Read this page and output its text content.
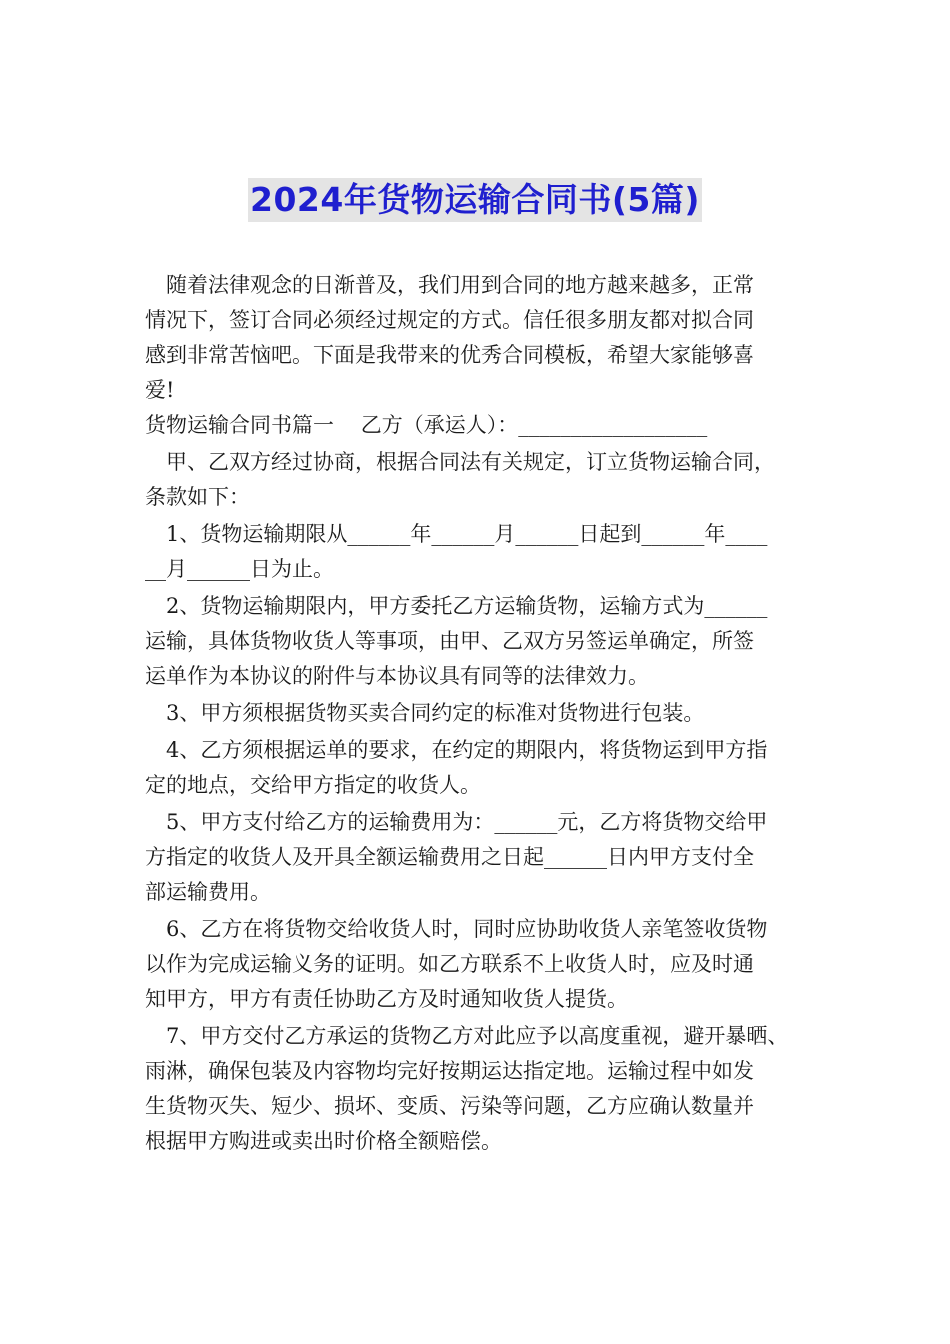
2024年货物运输合同书(5篇)

随着法律观念的日渐普及，我们用到合同的地方越来越多，正常
情况下，签订合同必须经过规定的方式。信任很多朋友都对拟合同
感到非常苦恼吧。下面是我带来的优秀合同模板，希望大家能够喜
爱!

货物运输合同书篇一    乙方（承运人）：__________________

甲、乙双方经过协商，根据合同法有关规定，订立货物运输合同，
条款如下：

1、货物运输期限从______年______月______日起到______年____
__月______日为止。

2、货物运输期限内，甲方委托乙方运输货物，运输方式为______
运输，具体货物收货人等事项，由甲、乙双方另签运单确定，所签
运单作为本协议的附件与本协议具有同等的法律效力。

3、甲方须根据货物买卖合同约定的标准对货物进行包装。

4、乙方须根据运单的要求，在约定的期限内，将货物运到甲方指
定的地点，交给甲方指定的收货人。

5、甲方支付给乙方的运输费用为：______元，乙方将货物交给甲
方指定的收货人及开具全额运输费用之日起______日内甲方支付全
部运输费用。

6、乙方在将货物交给收货人时，同时应协助收货人亲笔签收货物
以作为完成运输义务的证明。如乙方联系不上收货人时，应及时通
知甲方，甲方有责任协助乙方及时通知收货人提货。

7、甲方交付乙方承运的货物乙方对此应予以高度重视，避开暴晒、
雨淋，确保包装及内容物均完好按期运达指定地。运输过程中如发
生货物灭失、短少、损坏、变质、污染等问题，乙方应确认数量并
根据甲方购进或卖出时价格全额赔偿。
